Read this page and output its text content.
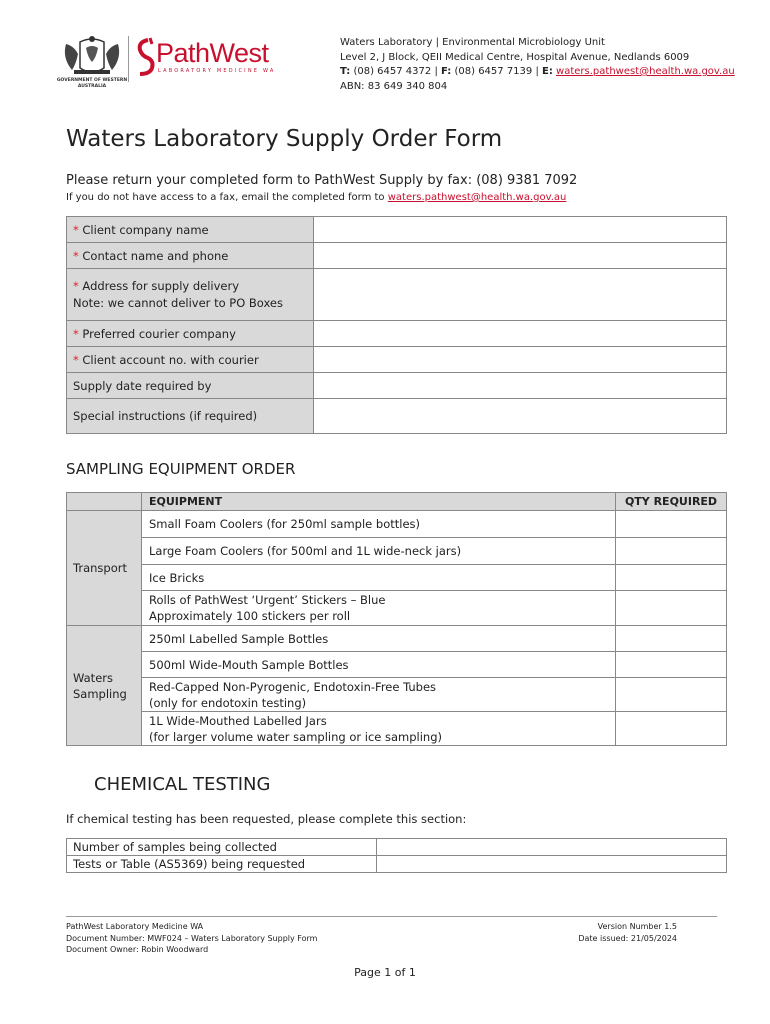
GOVERNMENT OF WESTERN AUSTRALIA
PathWest
LABORATORY MEDICINE WA
Waters Laboratory | Environmental Microbiology Unit
Level 2, J Block, QEII Medical Centre, Hospital Avenue, Nedlands 6009
T: (08) 6457 4372 | F: (08) 6457 7139 | E: waters.pathwest@health.wa.gov.au
ABN: 83 649 340 804
Waters Laboratory Supply Order Form
Please return your completed form to PathWest Supply by fax: (08) 9381 7092
If you do not have access to a fax, email the completed form to waters.pathwest@health.wa.gov.au
* Client company name	
* Contact name and phone	
* Address for supply delivery
Note: we cannot deliver to PO Boxes	
* Preferred courier company	
* Client account no. with courier	
Supply date required by	
Special instructions (if required)	
SAMPLING EQUIPMENT ORDER
	EQUIPMENT	QTY REQUIRED
Transport	Small Foam Coolers (for 250ml sample bottles)	
	Large Foam Coolers (for 500ml and 1L wide-neck jars)	
	Ice Bricks	
	Rolls of PathWest ‘Urgent’ Stickers – Blue
Approximately 100 stickers per roll	
Waters Sampling	250ml Labelled Sample Bottles	
	500ml Wide-Mouth Sample Bottles	
	Red-Capped Non-Pyrogenic, Endotoxin-Free Tubes
(only for endotoxin testing)	
	1L Wide-Mouthed Labelled Jars
(for larger volume water sampling or ice sampling)	
CHEMICAL TESTING
If chemical testing has been requested, please complete this section:
Number of samples being collected	
Tests or Table (AS5369) being requested	
PathWest Laboratory Medicine WA
Document Number: MWF024 – Waters Laboratory Supply Form
Document Owner: Robin Woodward
Version Number 1.5
Date issued: 21/05/2024
Page 1 of 1
